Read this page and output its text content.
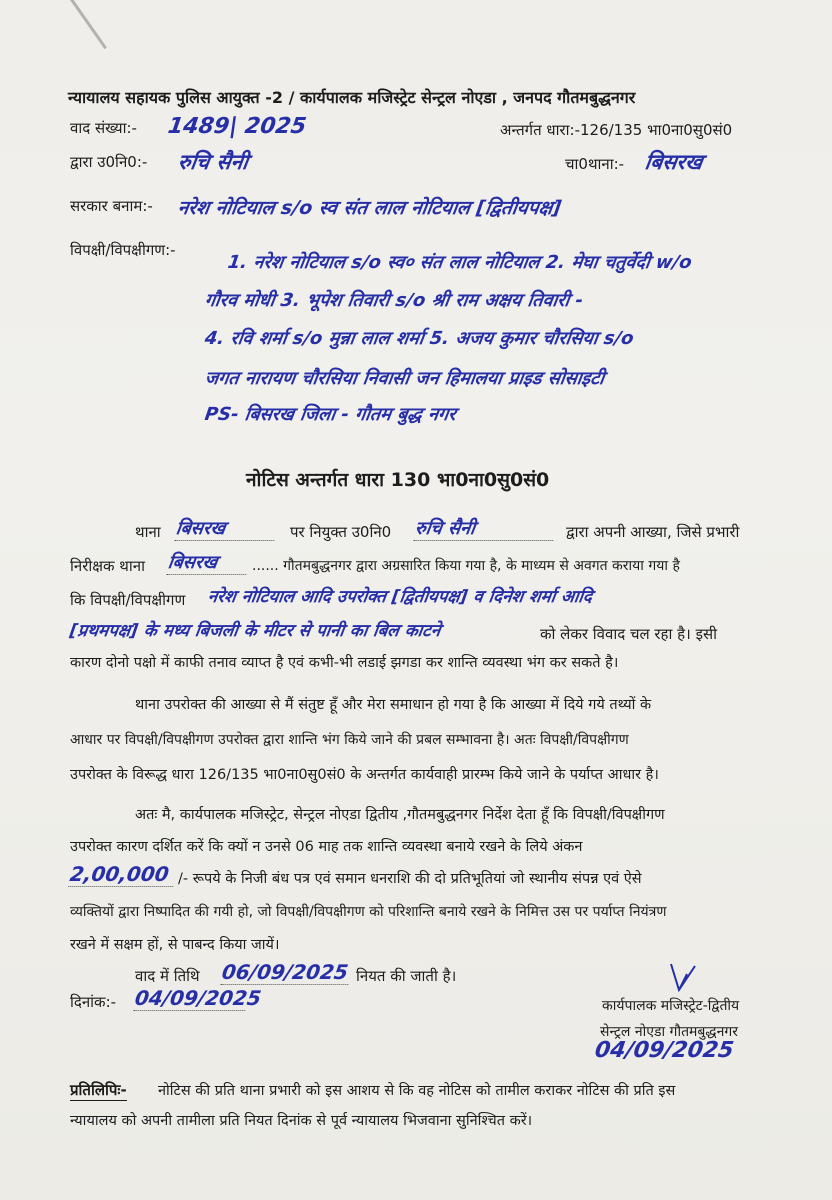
न्यायालय सहायक पुलिस आयुक्त -2 / कार्यपालक मजिस्ट्रेट सेन्ट्रल नोएडा , जनपद गौतमबुद्धनगर
वाद संख्या:- 1489| 2025	अन्तर्गत धारा:-126/135 भा0ना0सु0सं0
द्वारा उ0नि0:- रुचि सैनी	चा0थाना:- बिसरख
सरकार बनाम:- नरेश नोटियाल s/o स्व संत लाल नोटियाल [द्वितीयपक्ष]
विपक्षी/विपक्षीगण:-
1. नरेश नोटियाल s/o स्व० संत लाल नोटियाल 2. मेघा चतुर्वेदी w/o
गौरव मोधी 3. भूपेश तिवारी s/o श्री राम अक्षय तिवारी -
4. रवि शर्मा s/o मुन्ना लाल शर्मा 5. अजय कुमार चौरसिया s/o
जगत नारायण चौरसिया निवासी जन हिमालया प्राइड सोसाइटी
PS- बिसरख जिला - गौतम बुद्ध नगर
नोटिस अन्तर्गत धारा 130 भा0ना0सु0सं0
थाना बिसरख	पर नियुक्त उ0नि0 रुचि सैनी	द्वारा अपनी आख्या, जिसे प्रभारी
निरीक्षक थाना बिसरख	...... गौतमबुद्धनगर द्वारा अग्रसारित किया गया है, के माध्यम से अवगत कराया गया है
कि विपक्षी/विपक्षीगण नरेश नोटियाल आदि उपरोक्त [द्वितीयपक्ष] व दिनेश शर्मा आदि
[प्रथमपक्ष] के मध्य बिजली के मीटर से पानी का बिल काटने	को लेकर विवाद चल रहा है। इसी
कारण दोनो पक्षो में काफी तनाव व्याप्त है एवं कभी-भी लडाई झगडा कर शान्ति व्यवस्था भंग कर सकते है।
थाना उपरोक्त की आख्या से मैं संतुष्ट हूँ और मेरा समाधान हो गया है कि आख्या में दिये गये तथ्यों के
आधार पर विपक्षी/विपक्षीगण उपरोक्त द्वारा शान्ति भंग किये जाने की प्रबल सम्भावना है। अतः विपक्षी/विपक्षीगण
उपरोक्त के विरूद्ध धारा 126/135 भा0ना0सु0सं0 के अन्तर्गत कार्यवाही प्रारम्भ किये जाने के पर्याप्त आधार है।
अतः मै, कार्यपालक मजिस्ट्रेट, सेन्ट्रल नोएडा द्वितीय ,गौतमबुद्धनगर निर्देश देता हूँ कि विपक्षी/विपक्षीगण
उपरोक्त कारण दर्शित करें कि क्यों न उनसे 06 माह तक शान्ति व्यवस्था बनाये रखने के लिये अंकन
2,00,000 /- रूपये के निजी बंध पत्र एवं समान धनराशि की दो प्रतिभूतियां जो स्थानीय संपन्न एवं ऐसे
व्यक्तियों द्वारा निष्पादित की गयी हो, जो विपक्षी/विपक्षीगण को परिशान्ति बनाये रखने के निमित्त उस पर पर्याप्त नियंत्रण
रखने में सक्षम हों, से पाबन्द किया जायें।
वाद में तिथि 06/09/2025 नियत की जाती है।
दिनांक:- 04/09/2025	कार्यपालक मजिस्ट्रेट-द्वितीय
सेन्ट्रल नोएडा गौतमबुद्धनगर
04/09/2025
प्रतिलिपिः- नोटिस की प्रति थाना प्रभारी को इस आशय से कि वह नोटिस को तामील कराकर नोटिस की प्रति इस
न्यायालय को अपनी तामीला प्रति नियत दिनांक से पूर्व न्यायालय भिजवाना सुनिश्चित करें।
